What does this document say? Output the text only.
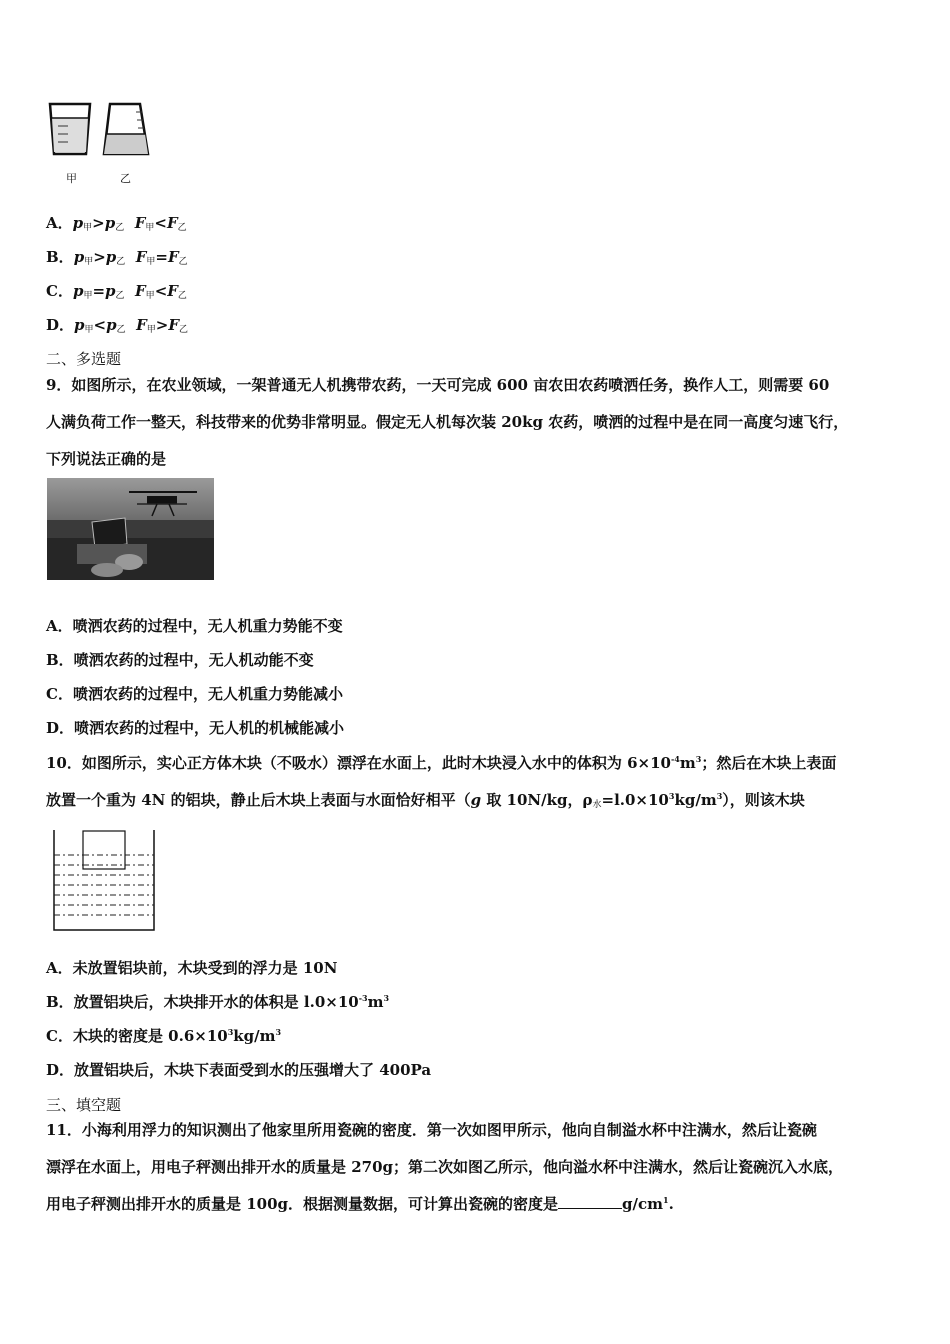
甲	乙
A．$p_甲>p_乙$ $F_甲<F_乙$
B．$p_甲>p_乙$ $F_甲=F_乙$
C．$p_甲=p_乙$ $F_甲<F_乙$
D．$p_甲<p_乙$ $F_甲>F_乙$
二、多选题
9．如图所示，在农业领域，一架普通无人机携带农药，一天可完成 600 亩农田农药喷洒任务，换作人工，则需要 60
人满负荷工作一整天，科技带来的优势非常明显。假定无人机每次装 20kg 农药，喷洒的过程中是在同一高度匀速飞行，
下列说法正确的是
A．喷洒农药的过程中，无人机重力势能不变
B．喷洒农药的过程中，无人机动能不变
C．喷洒农药的过程中，无人机重力势能减小
D．喷洒农药的过程中，无人机的机械能减小
10．如图所示，实心正方体木块（不吸水）漂浮在水面上，此时木块浸入水中的体积为 $6\times 10^{-4}m^3$；然后在木块上表面
放置一个重为 4N 的铝块，静止后木块上表面与水面恰好相平（g 取 10N/kg，$\rho_水=l.0\times 10^3kg/m^3$），则该木块
A．未放置铝块前，木块受到的浮力是 10N
B．放置铝块后，木块排开水的体积是 $l.0\times 10^{-3}m^3$
C．木块的密度是 $0.6\times 10^3kg/m^3$
D．放置铝块后，木块下表面受到水的压强增大了 400Pa
三、填空题
11．小海利用浮力的知识测出了他家里所用瓷碗的密度．第一次如图甲所示，他向自制溢水杯中注满水，然后让瓷碗
漂浮在水面上，用电子秤测出排开水的质量是 270g；第二次如图乙所示，他向溢水杯中注满水，然后让瓷碗沉入水底，
用电子秤测出排开水的质量是 100g．根据测量数据，可计算出瓷碗的密度是	$g/cm^1$.
